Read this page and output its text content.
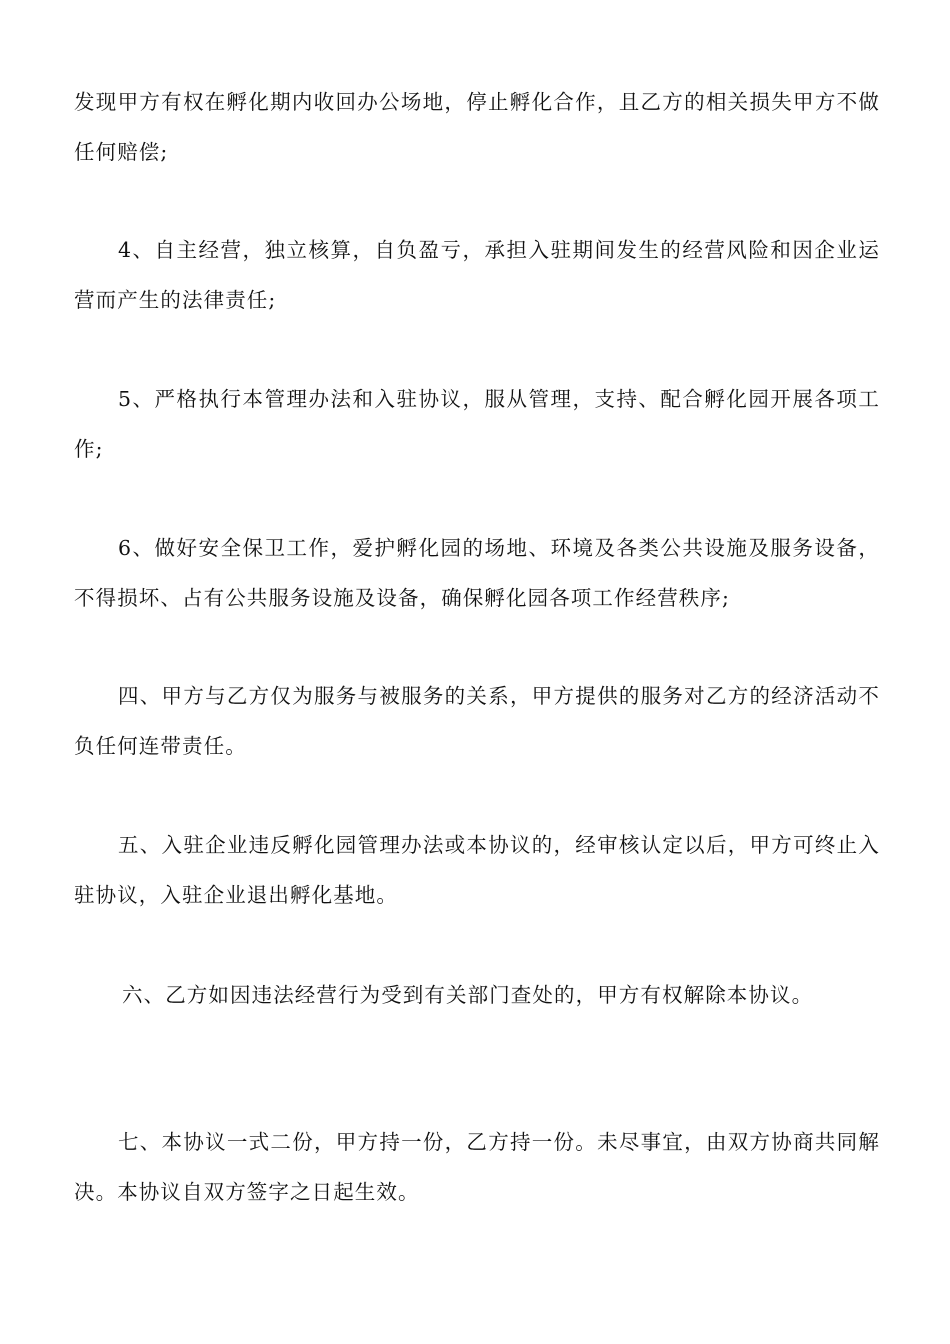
发现甲方有权在孵化期内收回办公场地，停止孵化合作，且乙方的相关损失甲方不做任何赔偿;

4、自主经营，独立核算，自负盈亏，承担入驻期间发生的经营风险和因企业运营而产生的法律责任;

5、严格执行本管理办法和入驻协议，服从管理，支持、配合孵化园开展各项工作;

6、做好安全保卫工作，爱护孵化园的场地、环境及各类公共设施及服务设备，不得损坏、占有公共服务设施及设备，确保孵化园各项工作经营秩序;

四、甲方与乙方仅为服务与被服务的关系，甲方提供的服务对乙方的经济活动不负任何连带责任。

五、入驻企业违反孵化园管理办法或本协议的，经审核认定以后，甲方可终止入驻协议，入驻企业退出孵化基地。

六、乙方如因违法经营行为受到有关部门查处的，甲方有权解除本协议。

七、本协议一式二份，甲方持一份，乙方持一份。未尽事宜，由双方协商共同解决。本协议自双方签字之日起生效。
